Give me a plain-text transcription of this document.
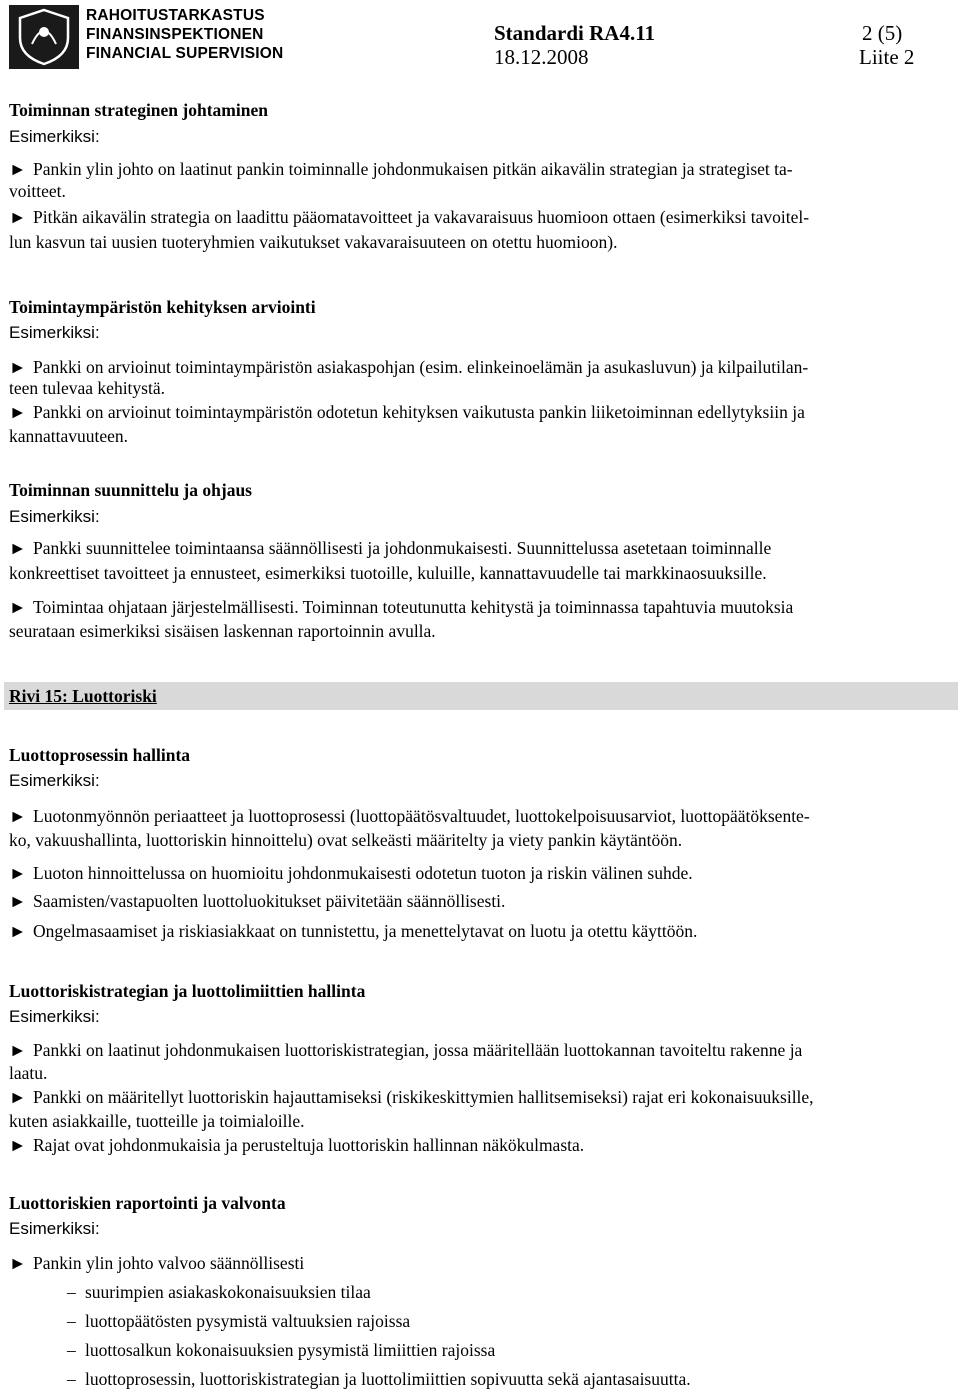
RAHOITUSTARKASTUS
FINANSINSPEKTIONEN
FINANCIAL SUPERVISION
Standardi RA4.11	2 (5)
18.12.2008	Liite 2
Toiminnan strateginen johtaminen
Esimerkiksi:
► Pankin ylin johto on laatinut pankin toiminnalle johdonmukaisen pitkän aikavälin strategian ja strategiset ta-
voitteet.
► Pitkän aikavälin strategia on laadittu pääomatavoitteet ja vakavaraisuus huomioon ottaen (esimerkiksi tavoitel-
lun kasvun tai uusien tuoteryhmien vaikutukset vakavaraisuuteen on otettu huomioon).
Toimintaympäristön kehityksen arviointi
Esimerkiksi:
► Pankki on arvioinut toimintaympäristön asiakaspohjan (esim. elinkeinoelämän ja asukasluvun) ja kilpailutilan-
teen tulevaa kehitystä.
► Pankki on arvioinut toimintaympäristön odotetun kehityksen vaikutusta pankin liiketoiminnan edellytyksiin ja
kannattavuuteen.
Toiminnan suunnittelu ja ohjaus
Esimerkiksi:
► Pankki suunnittelee toimintaansa säännöllisesti ja johdonmukaisesti. Suunnittelussa asetetaan toiminnalle
konkreettiset tavoitteet ja ennusteet, esimerkiksi tuotoille, kuluille, kannattavuudelle tai markkinaosuuksille.
► Toimintaa ohjataan järjestelmällisesti. Toiminnan toteutunutta kehitystä ja toiminnassa tapahtuvia muutoksia
seurataan esimerkiksi sisäisen laskennan raportoinnin avulla.
Rivi 15: Luottoriski
Luottoprosessin hallinta
Esimerkiksi:
► Luotonmyönnön periaatteet ja luottoprosessi (luottopäätösvaltuudet, luottokelpoisuusarviot, luottopäätöksente-
ko, vakuushallinta, luottoriskin hinnoittelu) ovat selkeästi määritelty ja viety pankin käytäntöön.
► Luoton hinnoittelussa on huomioitu johdonmukaisesti odotetun tuoton ja riskin välinen suhde.
► Saamisten/vastapuolten luottoluokitukset päivitetään säännöllisesti.
► Ongelmasaamiset ja riskiasiakkaat on tunnistettu, ja menettelytavat on luotu ja otettu käyttöön.
Luottoriskistrategian ja luottolimiittien hallinta
Esimerkiksi:
► Pankki on laatinut johdonmukaisen luottoriskistrategian, jossa määritellään luottokannan tavoiteltu rakenne ja
laatu.
► Pankki on määritellyt luottoriskin hajauttamiseksi (riskikeskittymien hallitsemiseksi) rajat eri kokonaisuuksille,
kuten asiakkaille, tuotteille ja toimialoille.
► Rajat ovat johdonmukaisia ja perusteltuja luottoriskin hallinnan näkökulmasta.
Luottoriskien raportointi ja valvonta
Esimerkiksi:
► Pankin ylin johto valvoo säännöllisesti
– suurimpien asiakaskokonaisuuksien tilaa
– luottopäätösten pysymistä valtuuksien rajoissa
– luottosalkun kokonaisuuksien pysymistä limiittien rajoissa
– luottoprosessin, luottoriskistrategian ja luottolimiittien sopivuutta sekä ajantasaisuutta.
